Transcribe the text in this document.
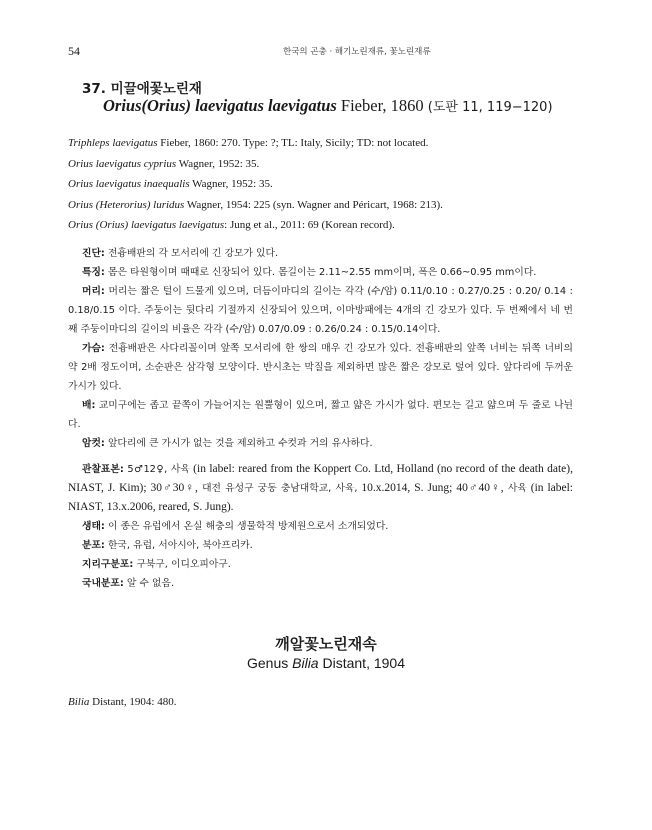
54	한국의 곤충 · 해기노린재류, 꽃노린재류
37. 미끌애꽃노린재
Orius(Orius) laevigatus laevigatus Fieber, 1860 (도판 11, 119−120)
Triphleps laevigatus Fieber, 1860: 270. Type: ?; TL: Italy, Sicily; TD: not located.
Orius laevigatus cyprius Wagner, 1952: 35.
Orius laevigatus inaequalis Wagner, 1952: 35.
Orius (Heterorius) luridus Wagner, 1954: 225 (syn. Wagner and Péricart, 1968: 213).
Orius (Orius) laevigatus laevigatus: Jung et al., 2011: 69 (Korean record).

진단: 전흉배판의 각 모서리에 긴 강모가 있다.

특징: 몸은 타원형이며 때때로 신장되어 있다. 몸길이는 2.11~2.55 mm이며, 폭은 0.66~0.95 mm이다.

머리: 머리는 짧은 털이 드물게 있으며, 더듬이마디의 길이는 각각 (수/암) 0.11/0.10 : 0.27/0.25 : 0.20/ 0.14 : 0.18/0.15 이다. 주둥이는 뒷다리 기절까지 신장되어 있으며, 이마방패에는 4개의 긴 강모가 있다. 두 번째에서 네 번째 주둥이마디의 길이의 비율은 각각 (수/암) 0.07/0.09 : 0.26/0.24 : 0.15/0.14이다.

가슴: 전흉배판은 사다리꼴이며 앞쪽 모서리에 한 쌍의 매우 긴 강모가 있다. 전흉배판의 앞쪽 너비는 뒤쪽 너비의 약 2배 정도이며, 소순판은 삼각형 모양이다. 반시초는 막질을 제외하면 많은 짧은 강모로 덮여 있다. 앞다리에 두꺼운 가시가 있다.

배: 교미구에는 좁고 끝쪽이 가늘어지는 원뿔형이 있으며, 짧고 얇은 가시가 없다. 편모는 길고 얇으며 두 줄로 나뉜다.

암컷: 앞다리에 큰 가시가 없는 것을 제외하고 수컷과 거의 유사하다.

관찰표본: 5♂12♀, 사육 (in label: reared from the Koppert Co. Ltd, Holland (no record of the death date), NIAST, J. Kim); 30♂30♀, 대전 유성구 궁동 충남대학교, 사육, 10.x.2014, S. Jung; 40♂40♀, 사육 (in label: NIAST, 13.x.2006, reared, S. Jung).

생태: 이 종은 유럽에서 온실 해충의 생물학적 방제원으로서 소개되었다.

분포: 한국, 유럽, 서아시아, 북아프리카.

지리구분포: 구북구, 이디오피아구.

국내분포: 알 수 없음.

깨알꽃노린재속
Genus Bilia Distant, 1904
Bilia Distant, 1904: 480.
